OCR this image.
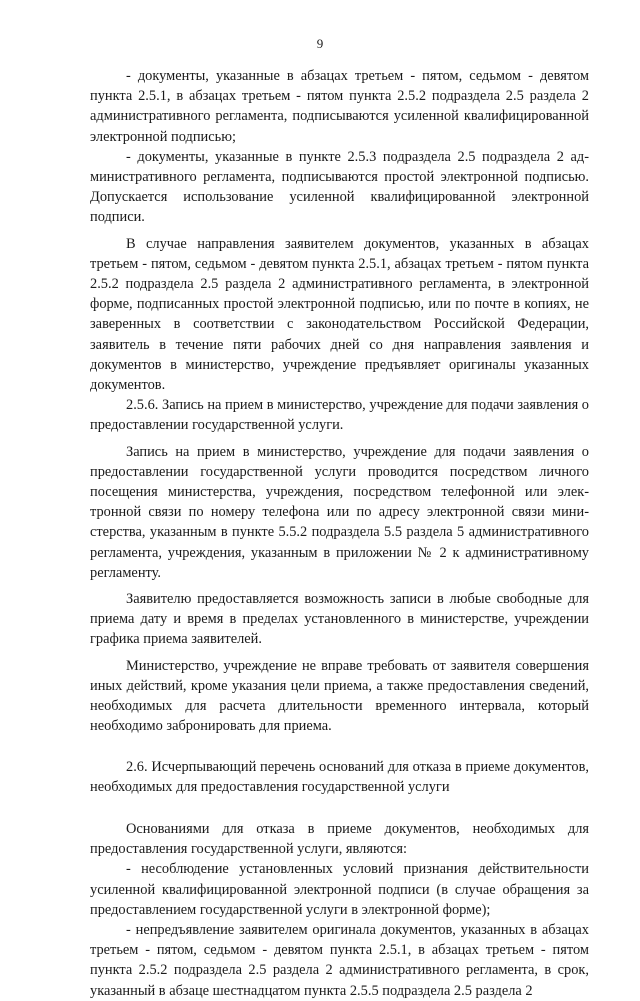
9

- документы, указанные в абзацах третьем - пятом, седьмом - девятом пункта 2.5.1, в абзацах третьем - пятом пункта 2.5.2 подраздела 2.5 раздела 2 административного регламента, подписываются усиленной квалифицированной электронной подписью;

- документы, указанные в пункте 2.5.3 подраздела 2.5 подраздела 2 административного регламента, подписываются простой электронной подписью. Допускается использование усиленной квалифицированной электронной подписи.

В случае направления заявителем документов, указанных в абзацах третьем - пятом, седьмом - девятом пункта 2.5.1, абзацах третьем - пятом пункта 2.5.2 подраздела 2.5 раздела 2 административного регламента, в электронной форме, подписанных простой электронной подписью, или по почте в копиях, не заверенных в соответствии с законодательством Российской Федерации, заявитель в течение пяти рабочих дней со дня направления заявления и документов в министерство, учреждение предъявляет оригиналы указанных документов.

2.5.6. Запись на прием в министерство, учреждение для подачи заявления о предоставлении государственной услуги.

Запись на прием в министерство, учреждение для подачи заявления о предоставлении государственной услуги проводится посредством личного посещения министерства, учреждения, посредством телефонной или электронной связи по номеру телефона или по адресу электронной связи министерства, указанным в пункте 5.5.2 подраздела 5.5 раздела 5 административного регламента, учреждения, указанным в приложении № 2 к административному регламенту.

Заявителю предоставляется возможность записи в любые свободные для приема дату и время в пределах установленного в министерстве, учреждении графика приема заявителей.

Министерство, учреждение не вправе требовать от заявителя совершения иных действий, кроме указания цели приема, а также предоставления сведений, необходимых для расчета длительности временного интервала, который необходимо забронировать для приема.

2.6. Исчерпывающий перечень оснований для отказа в приеме документов, необходимых для предоставления государственной услуги

Основаниями для отказа в приеме документов, необходимых для предоставления государственной услуги, являются:

- несоблюдение установленных условий признания действительности усиленной квалифицированной электронной подписи (в случае обращения за предоставлением государственной услуги в электронной форме);

- непредъявление заявителем оригинала документов, указанных в абзацах третьем - пятом, седьмом - девятом пункта 2.5.1, в абзацах третьем - пятом пункта 2.5.2 подраздела 2.5 раздела 2 административного регламента, в срок, указанный в абзаце шестнадцатом пункта 2.5.5 подраздела 2.5 раздела 2
